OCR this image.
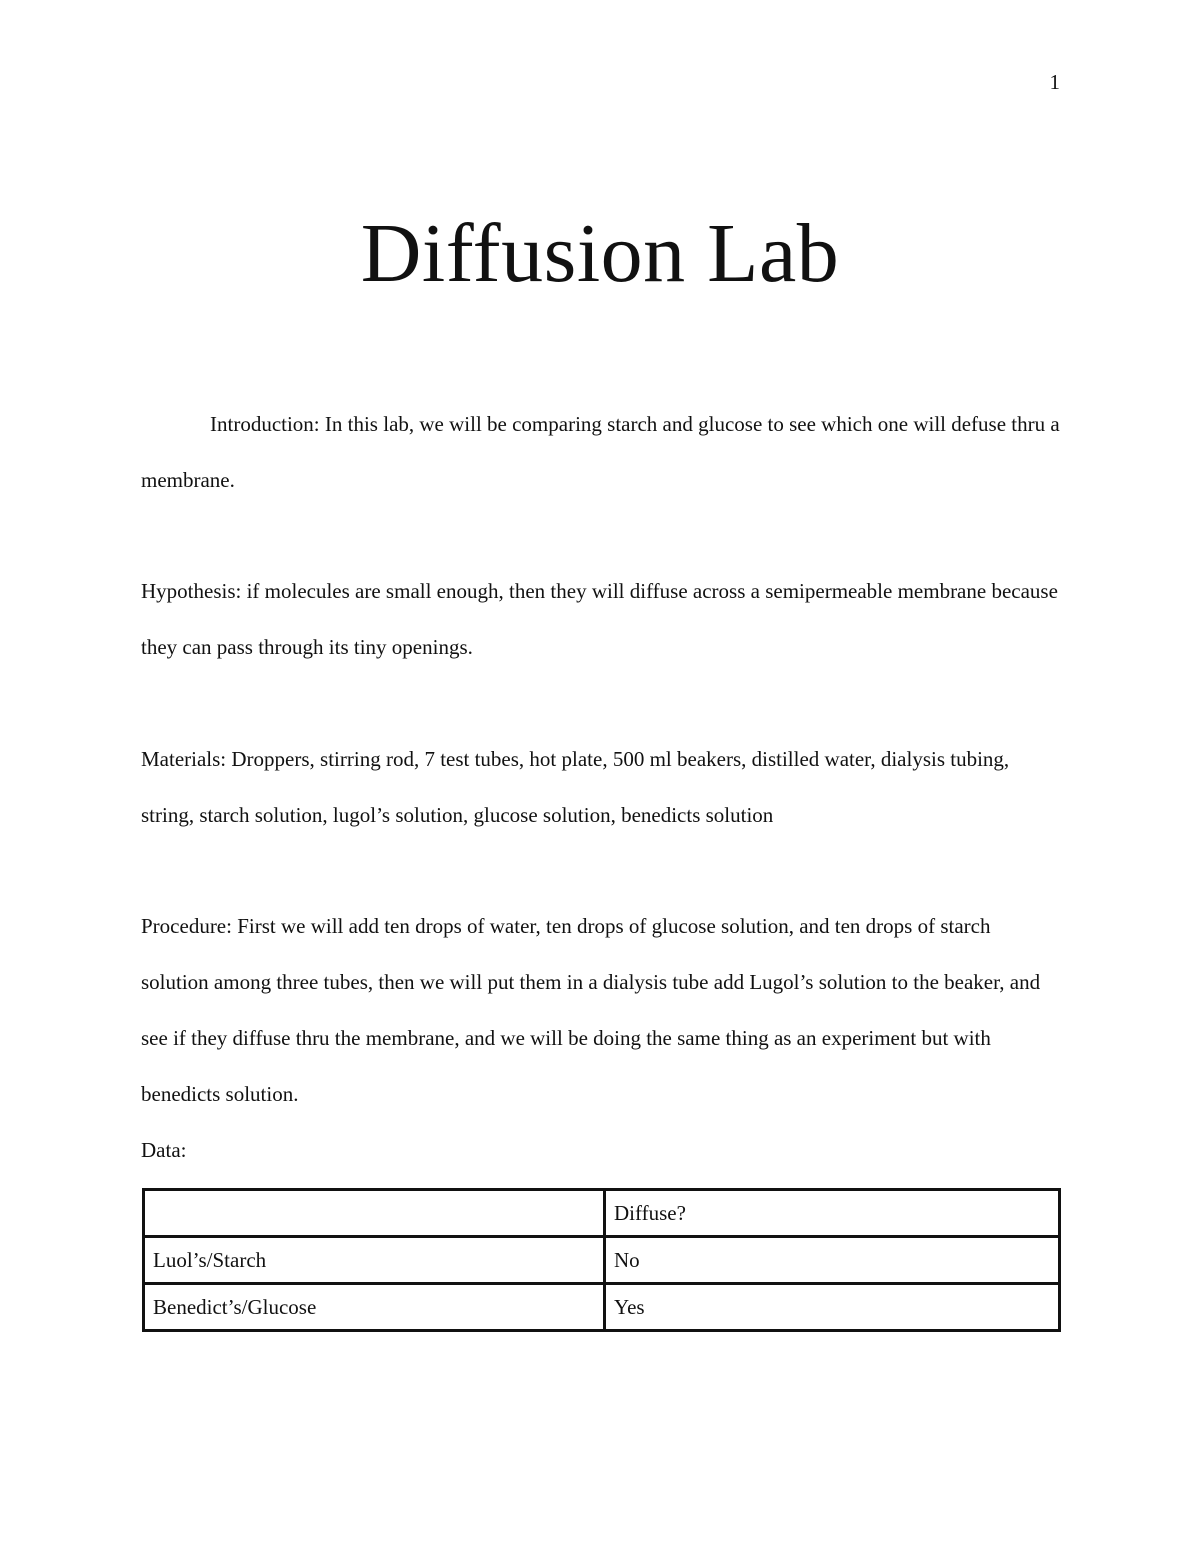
1
Diffusion Lab

Introduction: In this lab, we will be comparing starch and glucose to see which one will defuse thru a membrane.

Hypothesis: if molecules are small enough, then they will diffuse across a semipermeable membrane because they can pass through its tiny openings.

Materials: Droppers, stirring rod, 7 test tubes, hot plate, 500 ml beakers, distilled water, dialysis tubing, string, starch solution, lugol’s solution, glucose solution, benedicts solution

Procedure: First we will add ten drops of water, ten drops of glucose solution, and ten drops of starch solution among three tubes, then we will put them in a dialysis tube add Lugol’s solution to the beaker, and see if they diffuse thru the membrane, and we will be doing the same thing as an experiment but with benedicts solution.

Data:
	Diffuse?
Luol’s/Starch	No
Benedict’s/Glucose	Yes
